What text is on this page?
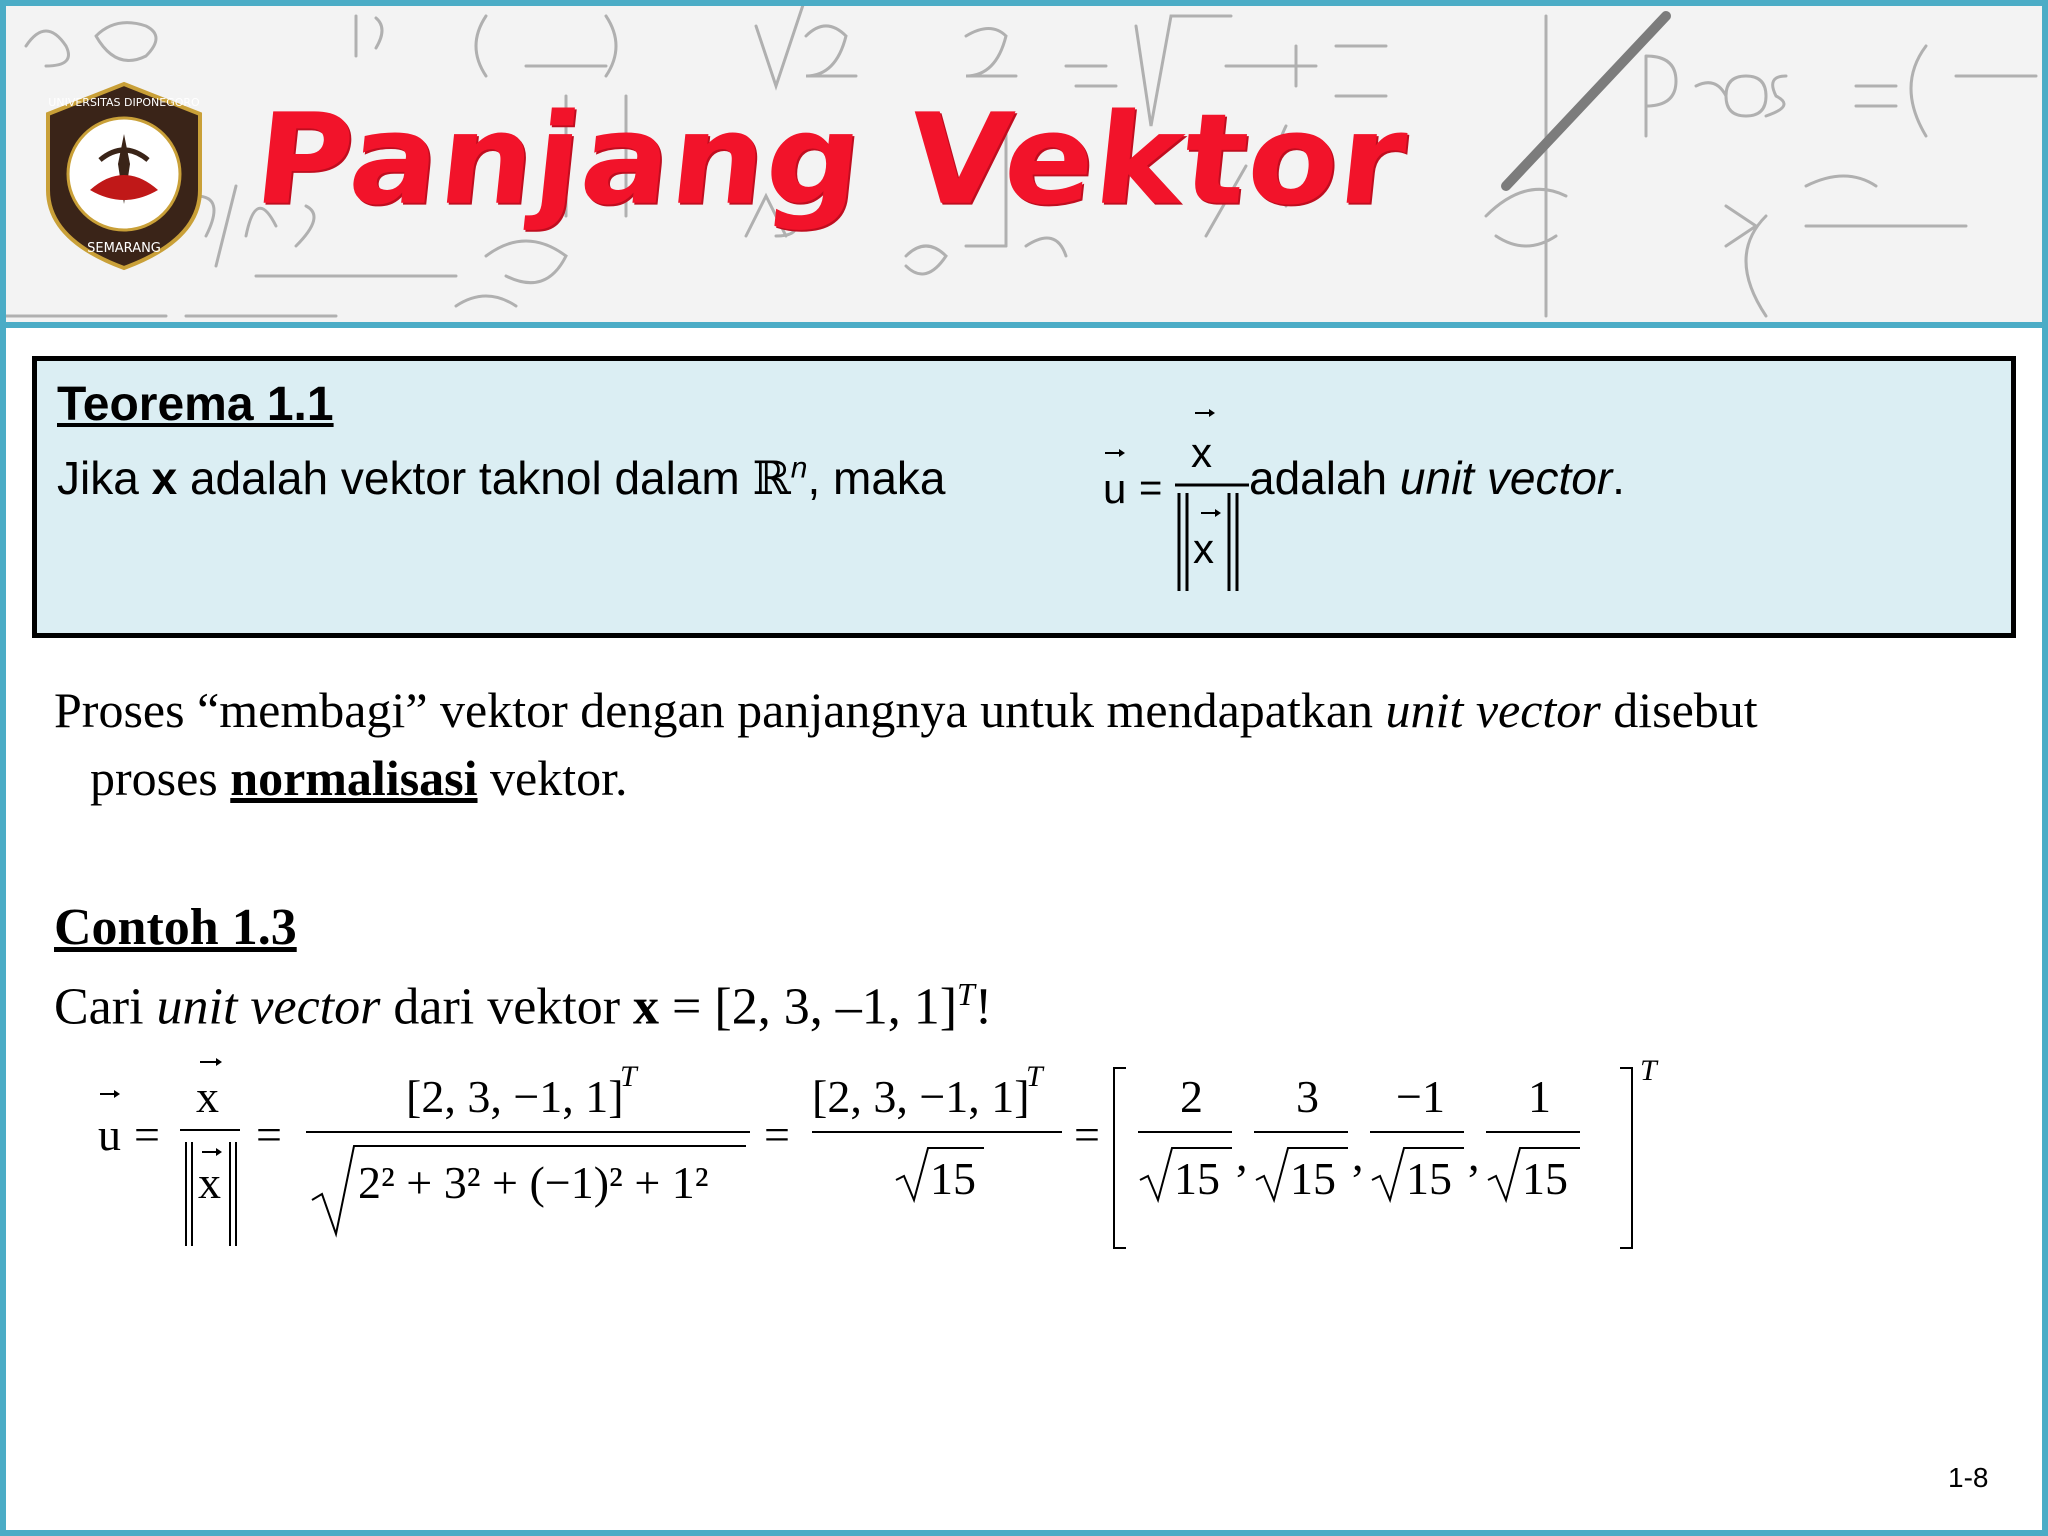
UNIVERSITAS DIPONEGORO
SEMARANG
Panjang Vektor
Teorema 1.1
Jika x adalah vektor taknol dalam ℝ$^n$, maka	u =
x
x
adalah unit vector.
Proses “membagi” vektor dengan panjangnya untuk mendapatkan unit vector disebut
proses normalisasi vektor.
Contoh 1.3
Cari unit vector dari vektor x = [2, 3, –1, 1]$^T$!
u =
x
x
=
[2, 3, −1, 1]
T
2² + 3² + (−1)² + 1²
=
[2, 3, −1, 1]
T
15
=
T
2
15 ,
3
15 ,
−1
15 ,
1
15
1-8
